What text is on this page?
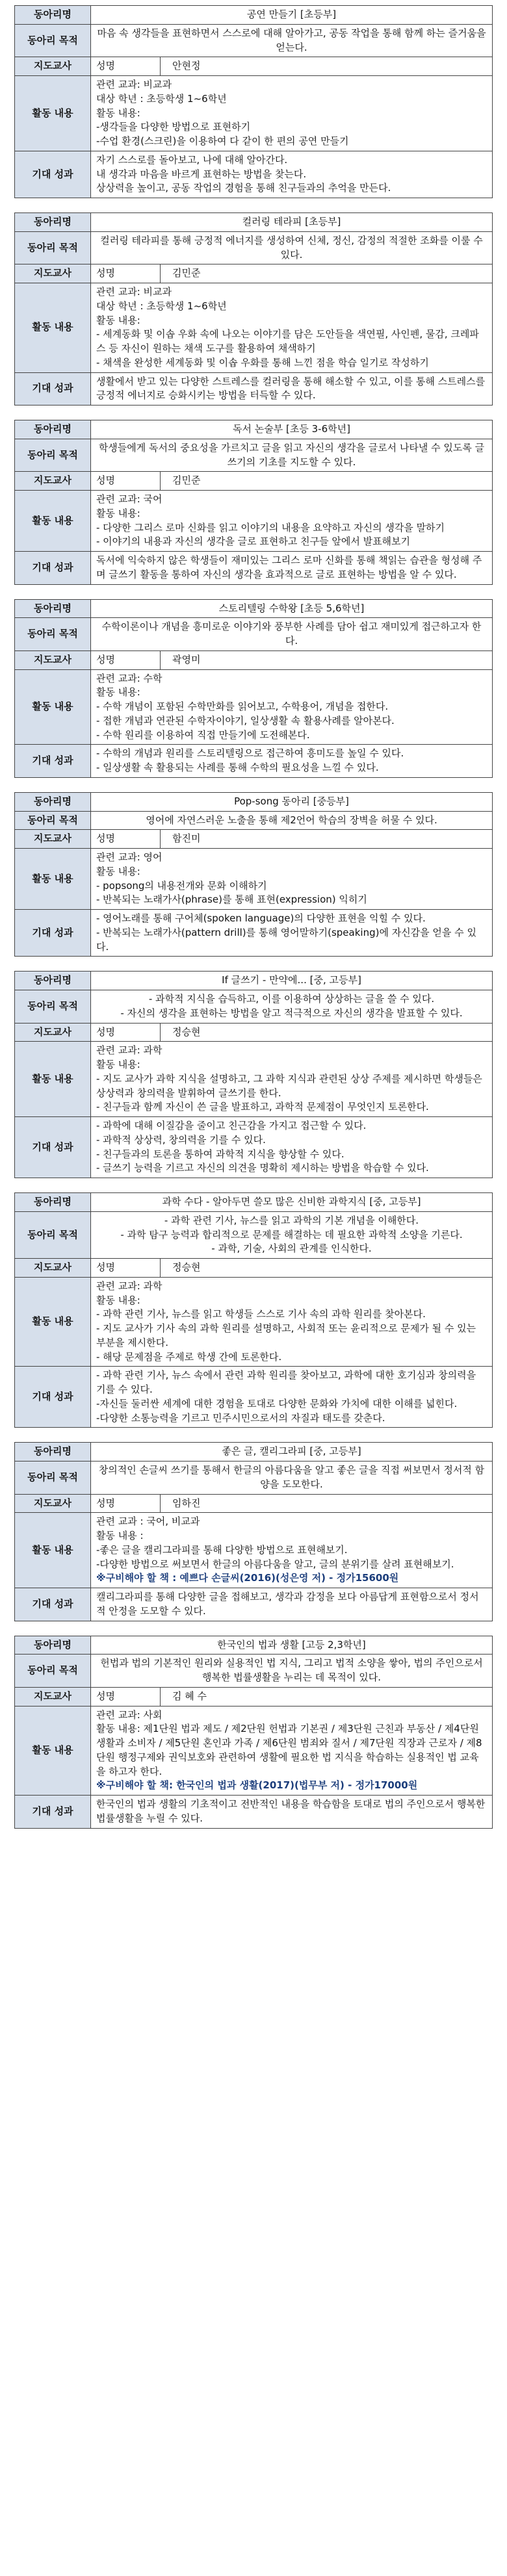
동아리명	공연 만들기 [초등부]
동아리 목적	마음 속 생각들을 표현하면서 스스로에 대해 알아가고, 공동 작업을 통해 함께 하는 즐거움을 얻는다.
지도교사	성명 안현정

활동 내용	관련 교과: 비교과
대상 학년 : 초등학생 1~6학년
활동 내용:
-생각들을 다양한 방법으로 표현하기
-수업 환경(스크린)을 이용하여 다 같이 한 편의 공연 만들기

기대 성과	자기 스스로를 돌아보고, 나에 대해 알아간다.
내 생각과 마음을 바르게 표현하는 방법을 찾는다.
상상력을 높이고, 공동 작업의 경험을 통해 친구들과의 추억을 만든다.
동아리명	컬러링 테라피 [초등부]
동아리 목적	컬러링 테라피를 통해 긍정적 에너지를 생성하여 신체, 정신, 감정의 적절한 조화를 이룰 수 있다.
지도교사	성명 김민준

활동 내용	관련 교과: 비교과
대상 학년 : 초등학생 1~6학년
활동 내용:
- 세계동화 및 이솝 우화 속에 나오는 이야기를 담은 도안들을 색연필, 사인펜, 물감, 크레파스 등 자신이 원하는 채색 도구를 활용하여 채색하기
- 채색을 완성한 세계동화 및 이솝 우화를 통해 느낀 점을 학습 일기로 작성하기

기대 성과	생활에서 받고 있는 다양한 스트레스를 컬러링을 통해 해소할 수 있고, 이를 통해 스트레스를 긍정적 에너지로 승화시키는 방법을 터득할 수 있다.
동아리명	독서 논술부 [초등 3-6학년]
동아리 목적	학생들에게 독서의 중요성을 가르치고 글을 읽고 자신의 생각을 글로서 나타낼 수 있도록 글쓰기의 기초를 지도할 수 있다.
지도교사	성명 김민준

활동 내용	관련 교과: 국어
활동 내용:
- 다양한 그리스 로마 신화를 읽고 이야기의 내용을 요약하고 자신의 생각을 말하기
- 이야기의 내용과 자신의 생각을 글로 표현하고 친구들 앞에서 발표해보기

기대 성과	독서에 익숙하지 않은 학생들이 재미있는 그리스 로마 신화를 통해 책읽는 습관을 형성해 주며 글쓰기 활동을 통하여 자신의 생각을 효과적으로 글로 표현하는 방법을 알 수 있다.
동아리명	스토리텔링 수학왕 [초등 5,6학년]
동아리 목적	수학이론이나 개념을 흥미로운 이야기와 풍부한 사례를 담아 쉽고 재미있게 접근하고자 한다.
지도교사	성명 곽영미

활동 내용	관련 교과: 수학
활동 내용:
- 수학 개념이 포함된 수학만화를 읽어보고, 수학용어, 개념을 접한다.
- 접한 개념과 연관된 수학자이야기, 일상생활 속 활용사례를 알아본다.
- 수학 원리를 이용하여 직접 만들기에 도전해본다.

기대 성과	- 수학의 개념과 원리를 스토리텔링으로 접근하여 흥미도를 높일 수 있다.
- 일상생활 속 활용되는 사례를 통해 수학의 필요성을 느낄 수 있다.
동아리명	Pop-song 동아리 [중등부]
동아리 목적	영어에 자연스러운 노출을 통해 제2언어 학습의 장벽을 허물 수 있다.
지도교사	성명 함진미

활동 내용	관련 교과: 영어
활동 내용:
- popsong의 내용전개와 문화 이해하기
- 반복되는 노래가사(phrase)를 통해 표현(expression) 익히기

기대 성과	- 영어노래를 통해 구어체(spoken language)의 다양한 표현을 익힐 수 있다.
- 반복되는 노래가사(pattern drill)를 통해 영어말하기(speaking)에 자신감을 얻을 수 있다.
동아리명	If 글쓰기 - 만약에... [중, 고등부]
동아리 목적	- 과학적 지식을 습득하고, 이를 이용하여 상상하는 글을 쓸 수 있다.
- 자신의 생각을 표현하는 방법을 알고 적극적으로 자신의 생각을 발표할 수 있다.
지도교사	성명 정승현

활동 내용	관련 교과: 과학
활동 내용:
- 지도 교사가 과학 지식을 설명하고, 그 과학 지식과 관련된 상상 주제를 제시하면 학생들은 상상력과 창의력을 발휘하여 글쓰기를 한다.
- 친구들과 함께 자신이 쓴 글을 발표하고, 과학적 문제점이 무엇인지 토론한다.

기대 성과	- 과학에 대해 이질감을 줄이고 친근감을 가지고 접근할 수 있다.
- 과학적 상상력, 창의력을 기를 수 있다.
- 친구들과의 토론을 통하여 과학적 지식을 향상할 수 있다.
- 글쓰기 능력을 기르고 자신의 의견을 명확히 제시하는 방법을 학습할 수 있다.
동아리명	과학 수다 - 알아두면 쓸모 많은 신비한 과학지식 [중, 고등부]
동아리 목적	- 과학 관련 기사, 뉴스를 읽고 과학의 기본 개념을 이해한다.
- 과학 탐구 능력과 합리적으로 문제를 해결하는 데 필요한 과학적 소양을 기른다.
- 과학, 기술, 사회의 관계를 인식한다.
지도교사	성명 정승현

활동 내용	관련 교과: 과학
활동 내용:
- 과학 관련 기사, 뉴스를 읽고 학생들 스스로 기사 속의 과학 원리를 찾아본다.
- 지도 교사가 기사 속의 과학 원리를 설명하고, 사회적 또는 윤리적으로 문제가 될 수 있는 부분을 제시한다.
- 해당 문제점을 주제로 학생 간에 토론한다.

기대 성과	- 과학 관련 기사, 뉴스 속에서 관련 과학 원리를 찾아보고, 과학에 대한 호기심과 창의력을 기를 수 있다.
-자신들 둘러싼 세계에 대한 경험을 토대로 다양한 문화와 가치에 대한 이해를 넓힌다.
-다양한 소통능력을 기르고 민주시민으로서의 자질과 태도를 갖춘다.
동아리명	좋은 글, 캘리그라피 [중, 고등부]
동아리 목적	창의적인 손글씨 쓰기를 통해서 한글의 아름다움을 알고 좋은 글을 직접 써보면서 정서적 함양을 도모한다.
지도교사	성명 임하진

활동 내용	관련 교과 : 국어, 비교과
활동 내용 :
-좋은 글을 캘리그라피를 통해 다양한 방법으로 표현해보기.
-다양한 방법으로 써보면서 한글의 아름다움을 알고, 글의 분위기를 살려 표현해보기.
※구비해야 할 책 : 예쁘다 손글씨(2016)(성은영 저) - 정가15600원

기대 성과	캘리그라피를 통해 다양한 글을 접해보고, 생각과 감정을 보다 아름답게 표현함으로서 정서적 안정을 도모할 수 있다.
동아리명	한국인의 법과 생활 [고등 2,3학년]
동아리 목적	헌법과 법의 기본적인 원리와 실용적인 법 지식, 그리고 법적 소양을 쌓아, 법의 주인으로서 행복한 법률생활을 누리는 데 목적이 있다.
지도교사	성명 김 혜 수

활동 내용	관련 교과: 사회
활동 내용: 제1단원 법과 제도 / 제2단원 헌법과 기본권 / 제3단원 근친과 부동산 / 제4단원 생활과 소비자 / 제5단원 혼인과 가족 / 제6단원 범죄와 질서 / 제7단원 직장과 근로자 / 제8단원 행정구제와 권익보호와 관련하여 생활에 필요한 법 지식을 학습하는 실용적인 법 교육을 하고자 한다.
※구비해야 할 책: 한국인의 법과 생활(2017)(법무부 저) - 정가17000원

기대 성과	한국인의 법과 생활의 기초적이고 전반적인 내용을 학습함을 토대로 법의 주인으로서 행복한 법률생활을 누릴 수 있다.
